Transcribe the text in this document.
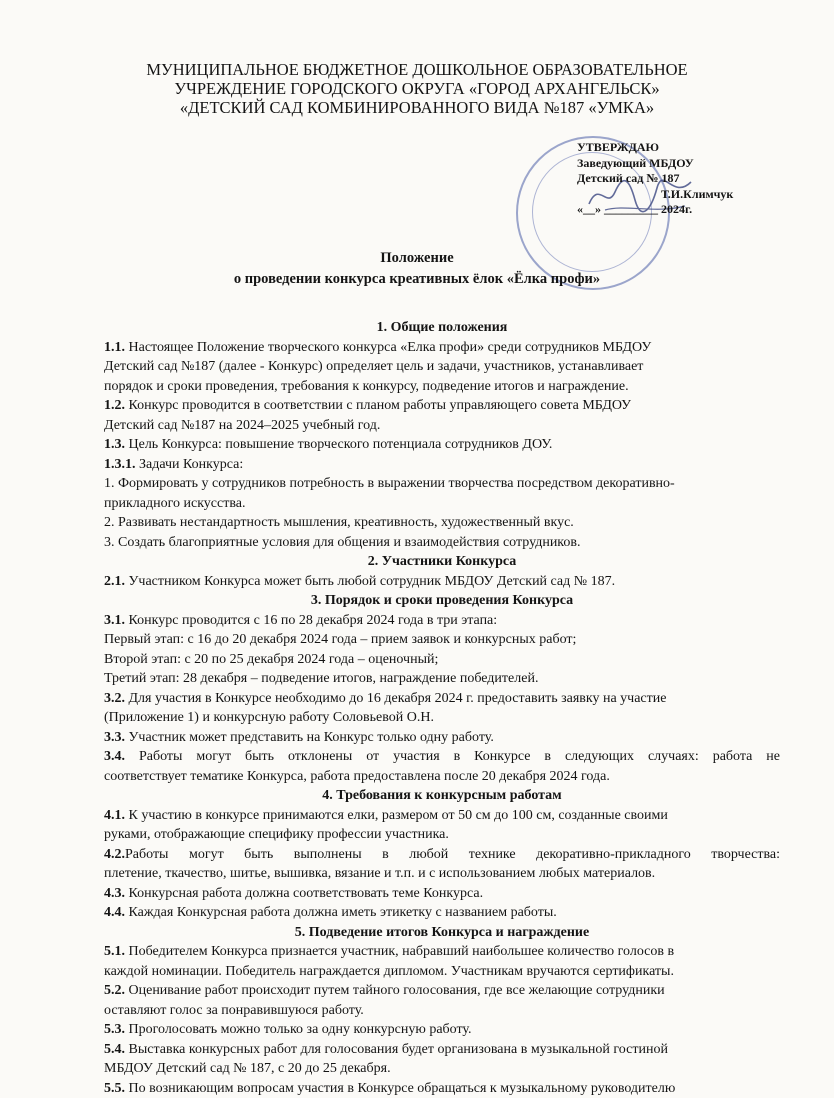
МУНИЦИПАЛЬНОЕ БЮДЖЕТНОЕ ДОШКОЛЬНОЕ ОБРАЗОВАТЕЛЬНОЕ
УЧРЕЖДЕНИЕ ГОРОДСКОГО ОКРУГА «ГОРОД АРХАНГЕЛЬСК»
«ДЕТСКИЙ САД КОМБИНИРОВАННОГО ВИДА №187 «УМКА»
УТВЕРЖДАЮ
Заведующий МБДОУ
Детский сад № 187
Т.И.Климчук
«__» _________ 2024г.
Положение
о проведении конкурса креативных ёлок «Ёлка профи»

1. Общие положения

1.1. Настоящее Положение творческого конкурса «Елка профи» среди сотрудников МБДОУ

Детский сад №187 (далее - Конкурс) определяет цель и задачи, участников, устанавливает

порядок и сроки проведения, требования к конкурсу, подведение итогов и награждение.

1.2. Конкурс проводится в соответствии с планом работы управляющего совета МБДОУ

Детский сад №187 на 2024–2025 учебный год.

1.3. Цель Конкурса: повышение творческого потенциала сотрудников ДОУ.

1.3.1. Задачи Конкурса:

1. Формировать у сотрудников потребность в выражении творчества посредством декоративно-

прикладного искусства.

2. Развивать нестандартность мышления, креативность, художественный вкус.

3. Создать благоприятные условия для общения и взаимодействия сотрудников.

2. Участники Конкурса

2.1. Участником Конкурса может быть любой сотрудник МБДОУ Детский сад № 187.

3. Порядок и сроки проведения Конкурса

3.1. Конкурс проводится с 16 по 28 декабря 2024 года в три этапа:

Первый этап: с 16 до 20 декабря 2024 года – прием заявок и конкурсных работ;

Второй этап: с 20 по 25 декабря 2024 года – оценочный;

Третий этап: 28 декабря – подведение итогов, награждение победителей.

3.2. Для участия в Конкурсе необходимо до 16 декабря 2024 г. предоставить заявку на участие

(Приложение 1) и конкурсную работу Соловьевой О.Н.

3.3. Участник может представить на Конкурс только одну работу.

3.4. Работы могут быть отклонены от участия в Конкурсе в следующих случаях: работа не

соответствует тематике Конкурса, работа предоставлена после 20 декабря 2024 года.

4. Требования к конкурсным работам

4.1. К участию в конкурсе принимаются елки, размером от 50 см до 100 см, созданные своими

руками, отображающие специфику профессии участника.

4.2.Работы могут быть выполнены в любой технике декоративно-прикладного творчества:

плетение, ткачество, шитье, вышивка, вязание и т.п. и с использованием любых материалов.

4.3. Конкурсная работа должна соответствовать теме Конкурса.

4.4. Каждая Конкурсная работа должна иметь этикетку с названием работы.

5. Подведение итогов Конкурса и награждение

5.1. Победителем Конкурса признается участник, набравший наибольшее количество голосов в

каждой номинации. Победитель награждается дипломом. Участникам вручаются сертификаты.

5.2. Оценивание работ происходит путем тайного голосования, где все желающие сотрудники

оставляют голос за понравившуюся работу.

5.3. Проголосовать можно только за одну конкурсную работу.

5.4. Выставка конкурсных работ для голосования будет организована в музыкальной гостиной

МБДОУ Детский сад № 187, с 20 до 25 декабря.

5.5. По возникающим вопросам участия в Конкурсе обращаться к музыкальному руководителю
